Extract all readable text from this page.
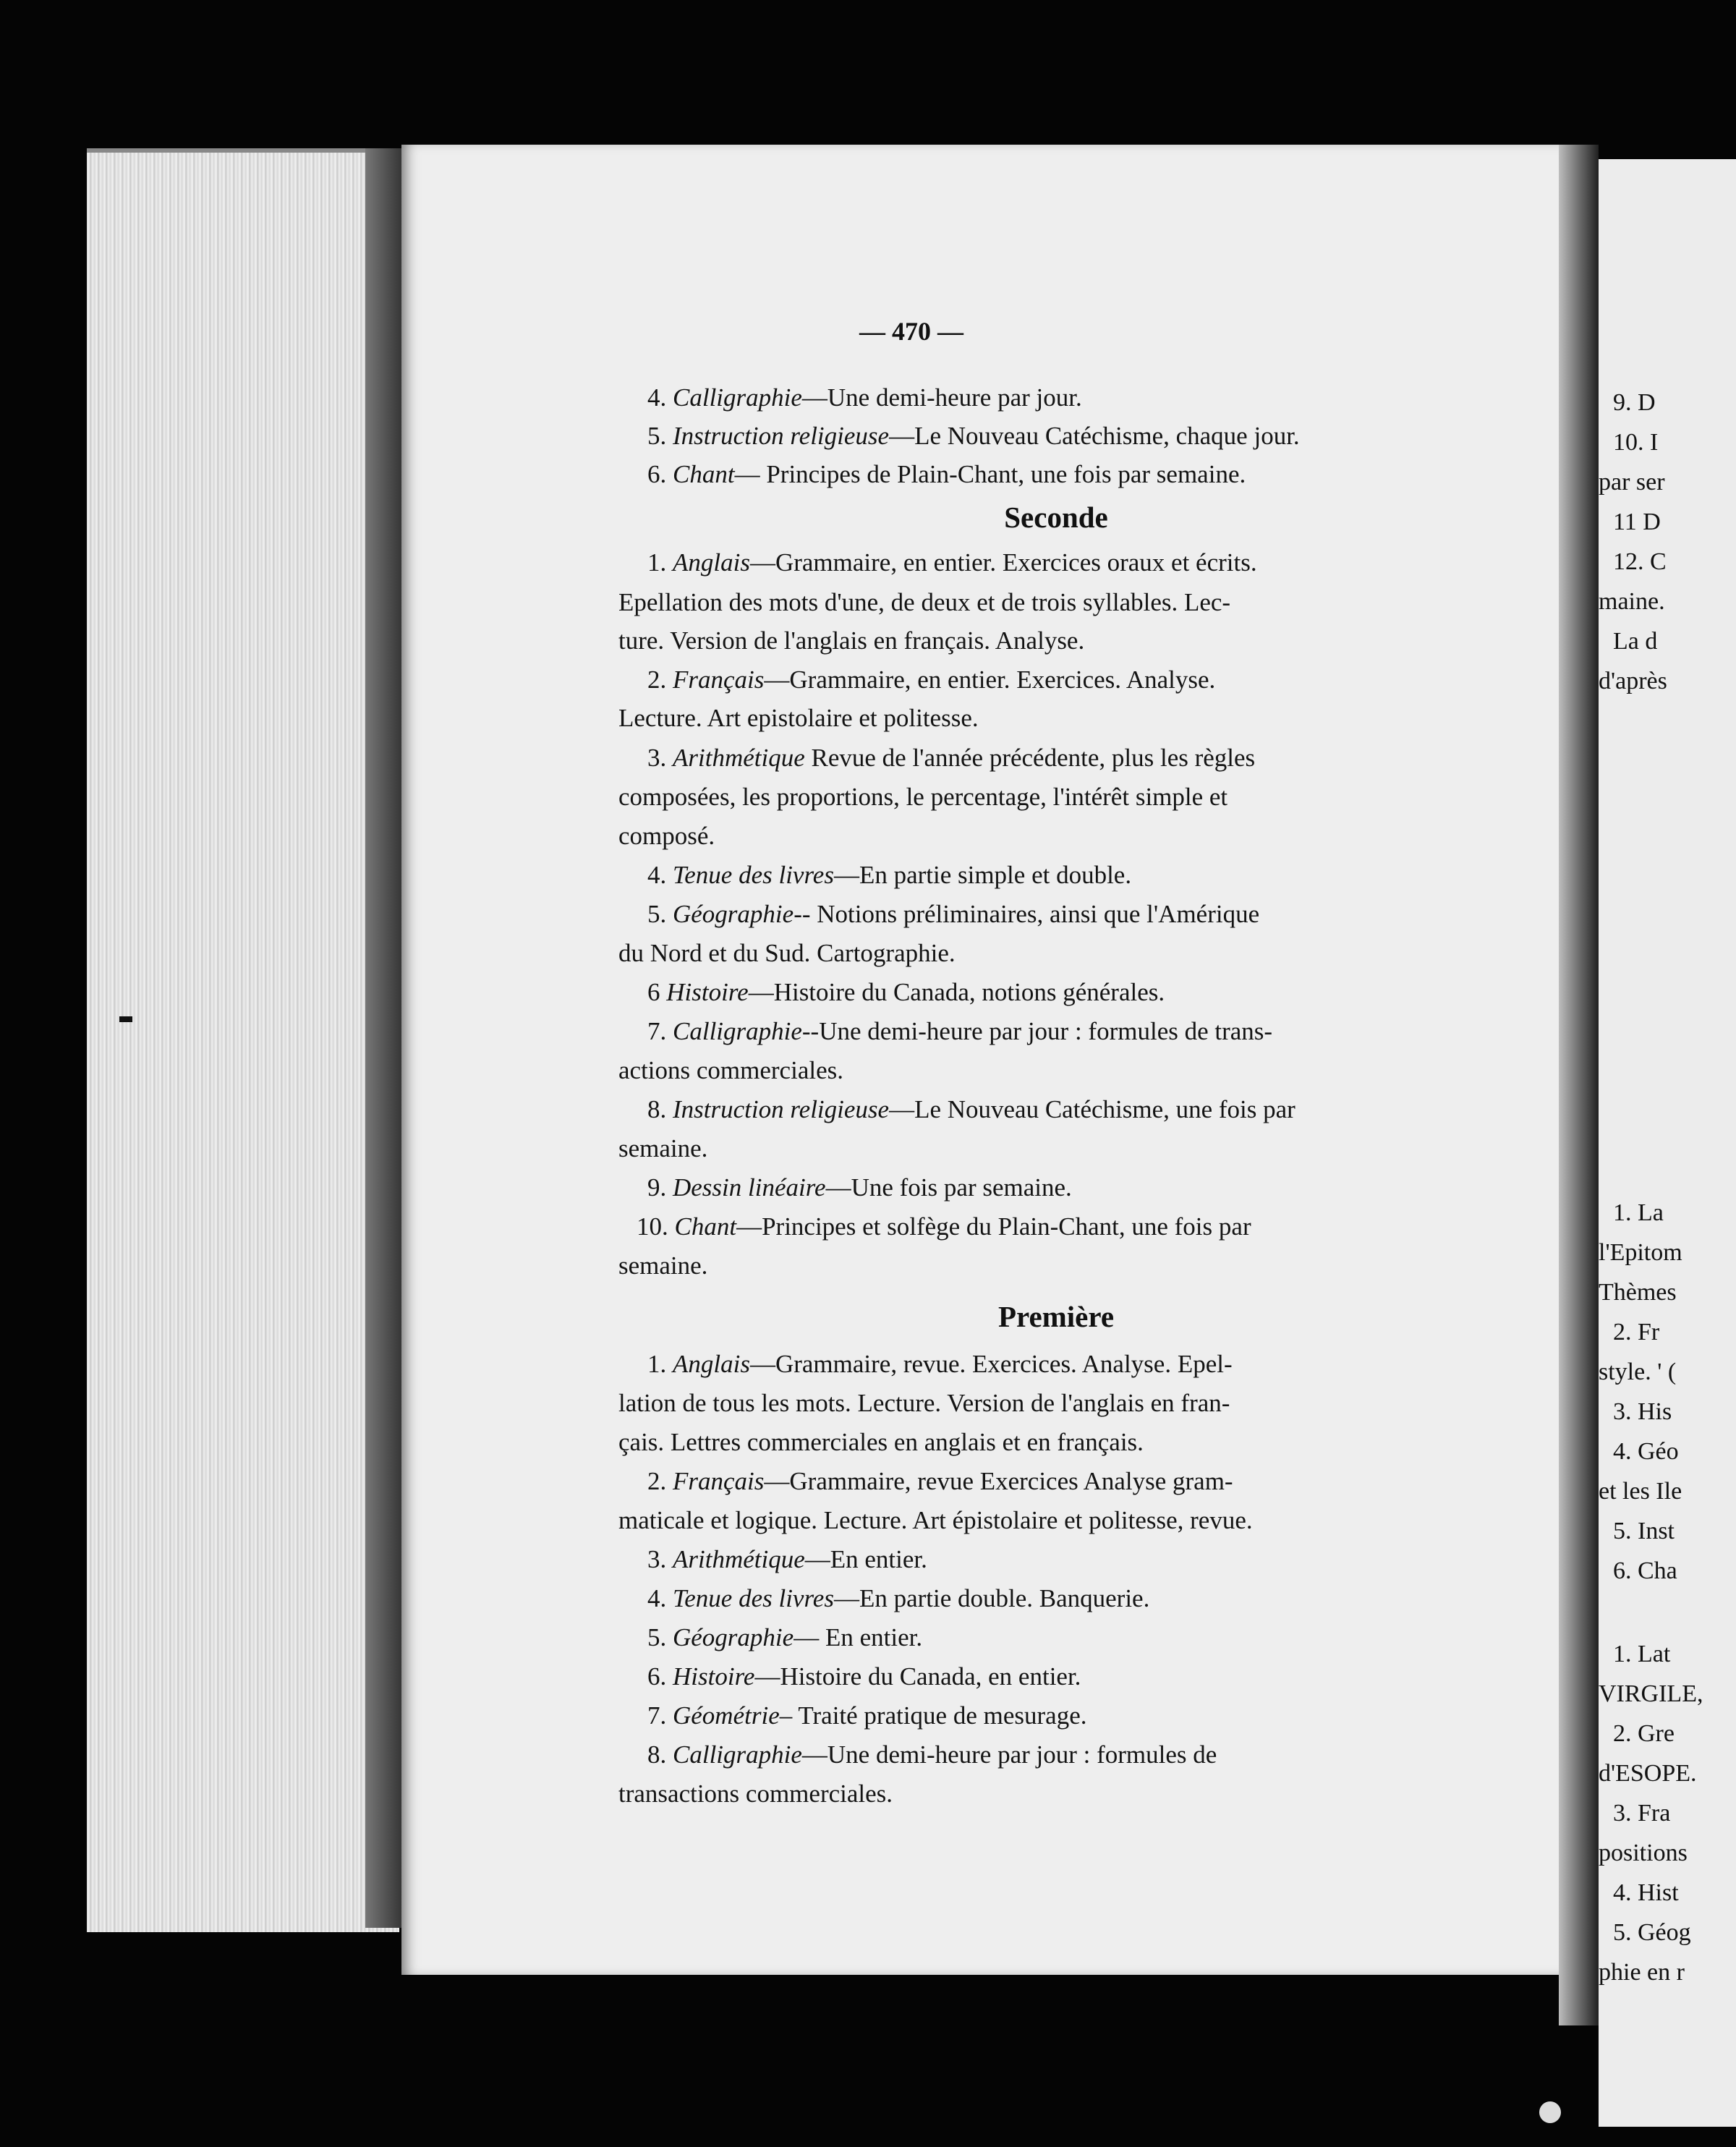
9. D
10. I
par ser
11 D
12. C
maine.
La d
d'après
1. La
l'Epitom
Thèmes
2. Fr
style. ' (
3. His
4. Géo
et les Ile
5. Inst
6. Cha
1. Lat
VIRGILE,
2. Gre
d'ESOPE.
3. Fra
positions
4. Hist
5. Géog
phie en r
— 470 —
4. Calligraphie—Une demi-heure par jour.
5. Instruction religieuse—Le Nouveau Catéchisme, chaque jour.
6. Chant— Principes de Plain-Chant, une fois par semaine.
Seconde
1. Anglais—Grammaire, en entier. Exercices oraux et écrits.
Epellation des mots d'une, de deux et de trois syllables. Lec-
ture. Version de l'anglais en français. Analyse.
2. Français—Grammaire, en entier. Exercices. Analyse.
Lecture. Art epistolaire et politesse.
3. Arithmétique Revue de l'année précédente, plus les règles
composées, les proportions, le percentage, l'intérêt simple et
composé.
4. Tenue des livres—En partie simple et double.
5. Géographie-- Notions préliminaires, ainsi que l'Amérique
du Nord et du Sud. Cartographie.
6 Histoire—Histoire du Canada, notions générales.
7. Calligraphie--Une demi-heure par jour : formules de trans-
actions commerciales.
8. Instruction religieuse—Le Nouveau Catéchisme, une fois par
semaine.
9. Dessin linéaire—Une fois par semaine.
10. Chant—Principes et solfège du Plain-Chant, une fois par
semaine.
Première
1. Anglais—Grammaire, revue. Exercices. Analyse. Epel-
lation de tous les mots. Lecture. Version de l'anglais en fran-
çais. Lettres commerciales en anglais et en français.
2. Français—Grammaire, revue Exercices Analyse gram-
maticale et logique. Lecture. Art épistolaire et politesse, revue.
3. Arithmétique—En entier.
4. Tenue des livres—En partie double. Banquerie.
5. Géographie— En entier.
6. Histoire—Histoire du Canada, en entier.
7. Géométrie– Traité pratique de mesurage.
8. Calligraphie—Une demi-heure par jour : formules de
transactions commerciales.
